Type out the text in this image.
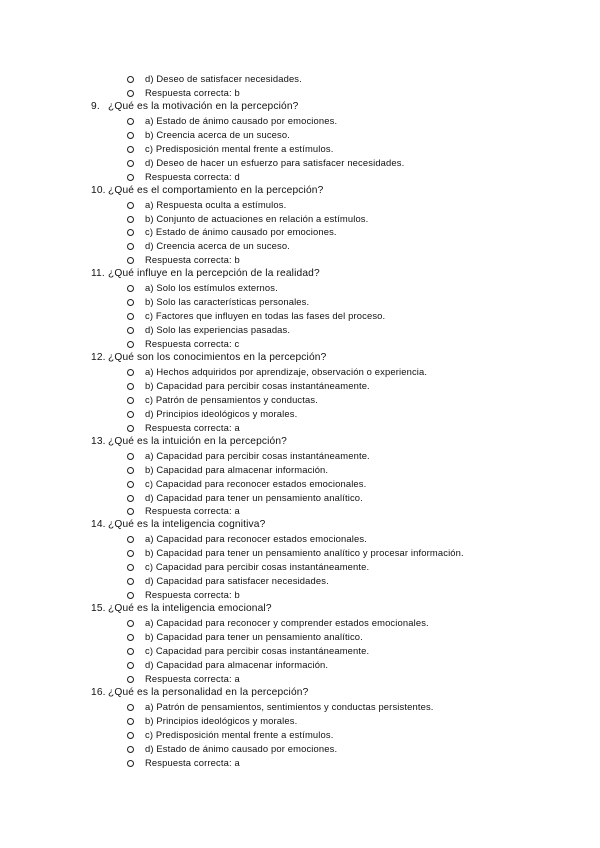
d) Deseo de satisfacer necesidades.
Respuesta correcta: b
9. ¿Qué es la motivación en la percepción?
a) Estado de ánimo causado por emociones.
b) Creencia acerca de un suceso.
c) Predisposición mental frente a estímulos.
d) Deseo de hacer un esfuerzo para satisfacer necesidades.
Respuesta correcta: d
10. ¿Qué es el comportamiento en la percepción?
a) Respuesta oculta a estímulos.
b) Conjunto de actuaciones en relación a estímulos.
c) Estado de ánimo causado por emociones.
d) Creencia acerca de un suceso.
Respuesta correcta: b
11. ¿Qué influye en la percepción de la realidad?
a) Solo los estímulos externos.
b) Solo las características personales.
c) Factores que influyen en todas las fases del proceso.
d) Solo las experiencias pasadas.
Respuesta correcta: c
12. ¿Qué son los conocimientos en la percepción?
a) Hechos adquiridos por aprendizaje, observación o experiencia.
b) Capacidad para percibir cosas instantáneamente.
c) Patrón de pensamientos y conductas.
d) Principios ideológicos y morales.
Respuesta correcta: a
13. ¿Qué es la intuición en la percepción?
a) Capacidad para percibir cosas instantáneamente.
b) Capacidad para almacenar información.
c) Capacidad para reconocer estados emocionales.
d) Capacidad para tener un pensamiento analítico.
Respuesta correcta: a
14. ¿Qué es la inteligencia cognitiva?
a) Capacidad para reconocer estados emocionales.
b) Capacidad para tener un pensamiento analítico y procesar información.
c) Capacidad para percibir cosas instantáneamente.
d) Capacidad para satisfacer necesidades.
Respuesta correcta: b
15. ¿Qué es la inteligencia emocional?
a) Capacidad para reconocer y comprender estados emocionales.
b) Capacidad para tener un pensamiento analítico.
c) Capacidad para percibir cosas instantáneamente.
d) Capacidad para almacenar información.
Respuesta correcta: a
16. ¿Qué es la personalidad en la percepción?
a) Patrón de pensamientos, sentimientos y conductas persistentes.
b) Principios ideológicos y morales.
c) Predisposición mental frente a estímulos.
d) Estado de ánimo causado por emociones.
Respuesta correcta: a
